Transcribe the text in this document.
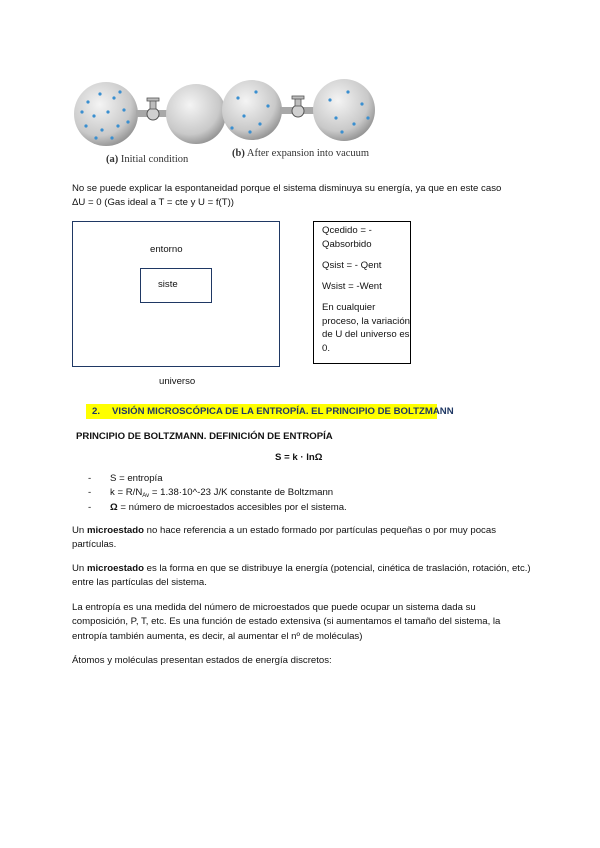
(a) Initial condition
(b) After expansion into vacuum
No se puede explicar la espontaneidad porque el sistema disminuya su energía, ya que en este caso
ΔU = 0 (Gas ideal a T = cte y U = f(T))
entorno
siste
universo

Qcedido = - Qabsorbido

Qsist = - Qent

Wsist = -Went

En cualquier proceso, la variación de U del universo es 0.

2. VISIÓN MICROSCÓPICA DE LA ENTROPÍA. EL PRINCIPIO DE BOLTZMANN
PRINCIPIO DE BOLTZMANN. DEFINICIÓN DE ENTROPÍA
S = k · lnΩ
- S = entropía
- $k = R/N_{Av}$ = 1.38·10^-23 J/K constante de Boltzmann
- Ω = número de microestados accesibles por el sistema.

Un microestado no hace referencia a un estado formado por partículas pequeñas o por muy pocas partículas.

Un microestado es la forma en que se distribuye la energía (potencial, cinética de traslación, rotación, etc.) entre las partículas del sistema.

La entropía es una medida del número de microestados que puede ocupar un sistema dada su composición, P, T, etc. Es una función de estado extensiva (si aumentamos el tamaño del sistema, la entropía también aumenta, es decir, al aumentar el nº de moléculas)

Átomos y moléculas presentan estados de energía discretos:
